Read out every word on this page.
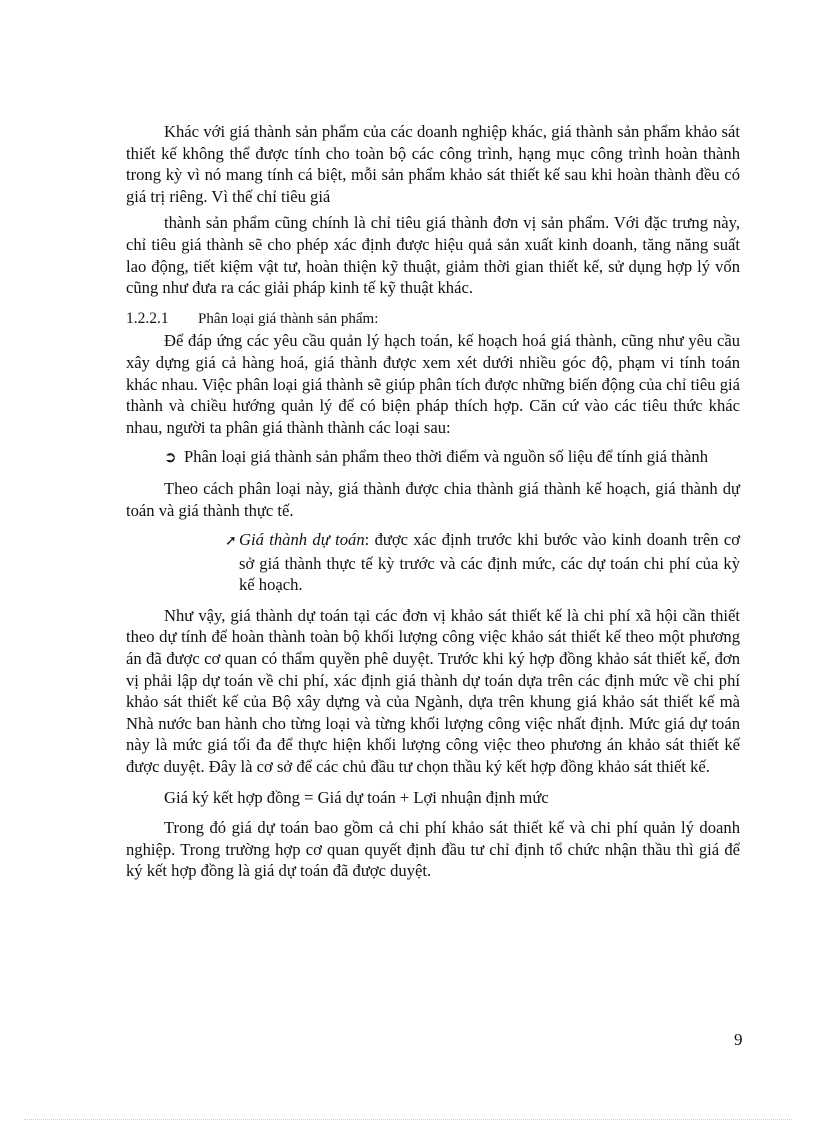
Khác với giá thành sản phẩm của các doanh nghiệp khác, giá thành sản phẩm khảo sát thiết kế không thể được tính cho toàn bộ các công trình, hạng mục công trình hoàn thành trong kỳ vì nó mang tính cá biệt, mỗi sản phẩm khảo sát thiết kế sau khi hoàn thành đều có giá trị riêng. Vì thế chỉ tiêu giá

thành sản phẩm cũng chính là chỉ tiêu giá thành đơn vị sản phẩm. Với đặc trưng này, chỉ tiêu giá thành sẽ cho phép xác định được hiệu quả sản xuất kinh doanh, tăng năng suất lao động, tiết kiệm vật tư, hoàn thiện kỹ thuật, giảm thời gian thiết kế, sử dụng hợp lý vốn cũng như đưa ra các giải pháp kinh tế kỹ thuật khác.

1.2.2.1	Phân loại giá thành sản phẩm:

Để đáp ứng các yêu cầu quản lý hạch toán, kế hoạch hoá giá thành, cũng như yêu cầu xây dựng giá cả hàng hoá, giá thành được xem xét dưới nhiều góc độ, phạm vi tính toán khác nhau. Việc phân loại giá thành sẽ giúp phân tích được những biến động của chỉ tiêu giá thành và chiều hướng quản lý để có biện pháp thích hợp. Căn cứ vào các tiêu thức khác nhau, người ta phân giá thành thành các loại sau:

➲ Phân loại giá thành sản phẩm theo thời điểm và nguồn số liệu để tính giá thành

Theo cách phân loại này, giá thành được chia thành giá thành kế hoạch, giá thành dự toán và giá thành thực tế.

➚ Giá thành dự toán: được xác định trước khi bước vào kinh doanh trên cơ sở giá thành thực tế kỳ trước và các định mức, các dự toán chi phí của kỳ kế hoạch.

Như vậy, giá thành dự toán tại các đơn vị khảo sát thiết kế là chi phí xã hội cần thiết theo dự tính để hoàn thành toàn bộ khối lượng công việc khảo sát thiết kế theo một phương án đã được cơ quan có thẩm quyền phê duyệt. Trước khi ký hợp đồng khảo sát thiết kế, đơn vị phải lập dự toán về chi phí, xác định giá thành dự toán dựa trên các định mức về chi phí khảo sát thiết kế của Bộ xây dựng và của Ngành, dựa trên khung giá khảo sát thiết kế mà Nhà nước ban hành cho từng loại và từng khối lượng công việc nhất định. Mức giá dự toán này là mức giá tối đa để thực hiện khối lượng công việc theo phương án khảo sát thiết kế được duyệt. Đây là cơ sở để các chủ đầu tư chọn thầu ký kết hợp đồng khảo sát thiết kế.

Giá ký kết hợp đồng = Giá dự toán + Lợi nhuận định mức

Trong đó giá dự toán bao gồm cả chi phí khảo sát thiết kế và chi phí quản lý doanh nghiệp. Trong trường hợp cơ quan quyết định đầu tư chỉ định tổ chức nhận thầu thì giá để ký kết hợp đồng là giá dự toán đã được duyệt.

9
